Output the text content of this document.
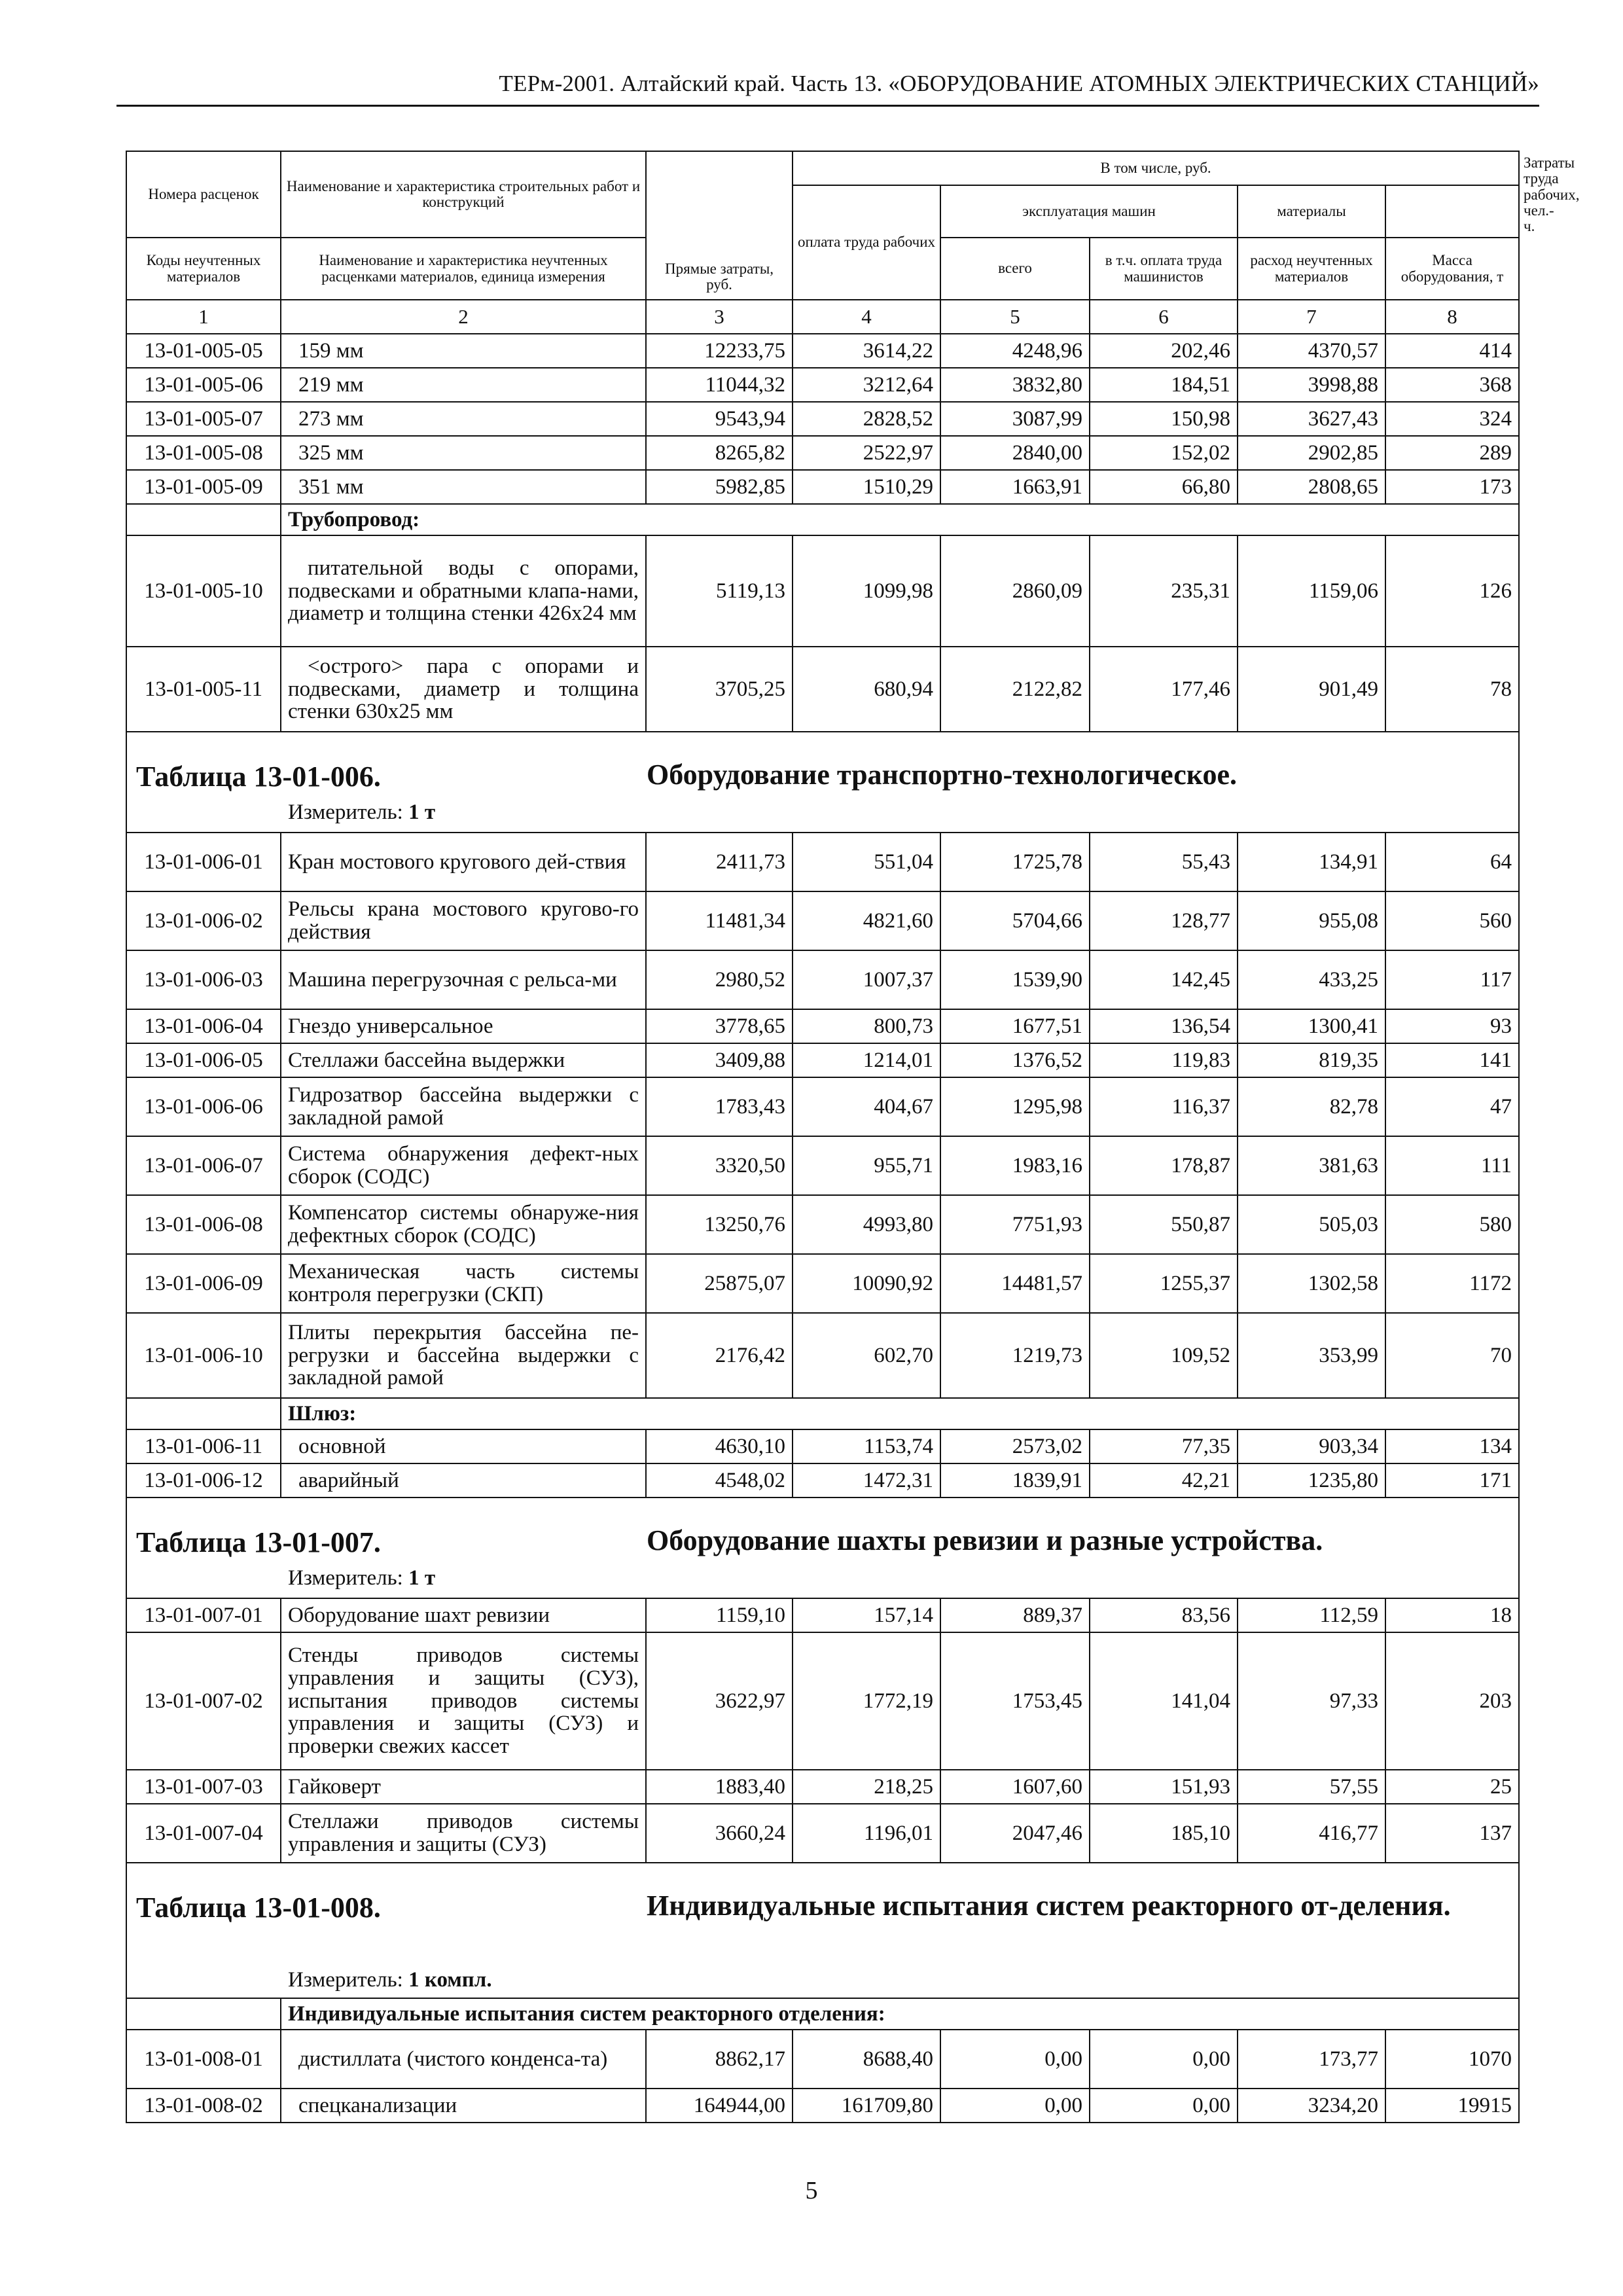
ТЕРм-2001. Алтайский край. Часть 13. «ОБОРУДОВАНИЕ АТОМНЫХ ЭЛЕКТРИЧЕСКИХ СТАНЦИЙ»
Номера расценок	Наименование и характеристика строительных работ и конструкций	Прямые затраты, руб.	В том числе, руб.					Затраты труда рабочих, чел.-ч.
			оплата труда рабочих	эксплуатация машин		материалы		
Коды неучтенных материалов	Наименование и характеристика неучтенных расценками материалов, единица измерения			всего	в т.ч. оплата труда машинистов	расход неучтенных материалов	Масса оборудования, т	
1	2	3	4	5	6	7	8	
13-01-005-05	159 мм	12233,75	3614,22	4248,96	202,46	4370,57	414	
13-01-005-06	219 мм	11044,32	3212,64	3832,80	184,51	3998,88	368	
13-01-005-07	273 мм	9543,94	2828,52	3087,99	150,98	3627,43	324	
13-01-005-08	325 мм	8265,82	2522,97	2840,00	152,02	2902,85	289	
13-01-005-09	351 мм	5982,85	1510,29	1663,91	66,80	2808,65	173	
	Трубопровод:							
13-01-005-10	питательной воды с опорами, подвесками и обратными клапа-нами, диаметр и толщина стенки 426x24 мм	5119,13	1099,98	2860,09	235,31	1159,06	126	
13-01-005-11	<острого> пара с опорами и подвесками, диаметр и толщина стенки 630x25 мм	3705,25	680,94	2122,82	177,46	901,49	78	

Таблица 13-01-006. Оборудование транспортно-технологическое.
Измеритель: 1 т								

13-01-006-01	Кран мостового кругового дей-ствия	2411,73	551,04	1725,78	55,43	134,91	64	
13-01-006-02	Рельсы крана мостового кругово-го действия	11481,34	4821,60	5704,66	128,77	955,08	560	
13-01-006-03	Машина перегрузочная с рельса-ми	2980,52	1007,37	1539,90	142,45	433,25	117	
13-01-006-04	Гнездо универсальное	3778,65	800,73	1677,51	136,54	1300,41	93	
13-01-006-05	Стеллажи бассейна выдержки	3409,88	1214,01	1376,52	119,83	819,35	141	
13-01-006-06	Гидрозатвор бассейна выдержки с закладной рамой	1783,43	404,67	1295,98	116,37	82,78	47	
13-01-006-07	Система обнаружения дефект-ных сборок (СОДС)	3320,50	955,71	1983,16	178,87	381,63	111	
13-01-006-08	Компенсатор системы обнаруже-ния дефектных сборок (СОДС)	13250,76	4993,80	7751,93	550,87	505,03	580	
13-01-006-09	Механическая часть системы контроля перегрузки (СКП)	25875,07	10090,92	14481,57	1255,37	1302,58	1172	
13-01-006-10	Плиты перекрытия бассейна пе-регрузки и бассейна выдержки с закладной рамой	2176,42	602,70	1219,73	109,52	353,99	70	
	Шлюз:							
13-01-006-11	основной	4630,10	1153,74	2573,02	77,35	903,34	134	
13-01-006-12	аварийный	4548,02	1472,31	1839,91	42,21	1235,80	171	

Таблица 13-01-007. Оборудование шахты ревизии и разные устройства.
Измеритель: 1 т								

13-01-007-01	Оборудование шахт ревизии	1159,10	157,14	889,37	83,56	112,59	18	
13-01-007-02	Стенды приводов системы управления и защиты (СУЗ), испытания приводов системы управления и защиты (СУЗ) и проверки свежих кассет	3622,97	1772,19	1753,45	141,04	97,33	203	
13-01-007-03	Гайковерт	1883,40	218,25	1607,60	151,93	57,55	25	
13-01-007-04	Стеллажи приводов системы управления и защиты (СУЗ)	3660,24	1196,01	2047,46	185,10	416,77	137	

Таблица 13-01-008. Индивидуальные испытания систем реакторного от-деления.
Измеритель: 1 компл.								

	Индивидуальные испытания систем реакторного отделения:							
13-01-008-01	дистиллата (чистого конденса-та)	8862,17	8688,40	0,00	0,00	173,77	1070	
13-01-008-02	спецканализации	164944,00	161709,80	0,00	0,00	3234,20	19915	
5
